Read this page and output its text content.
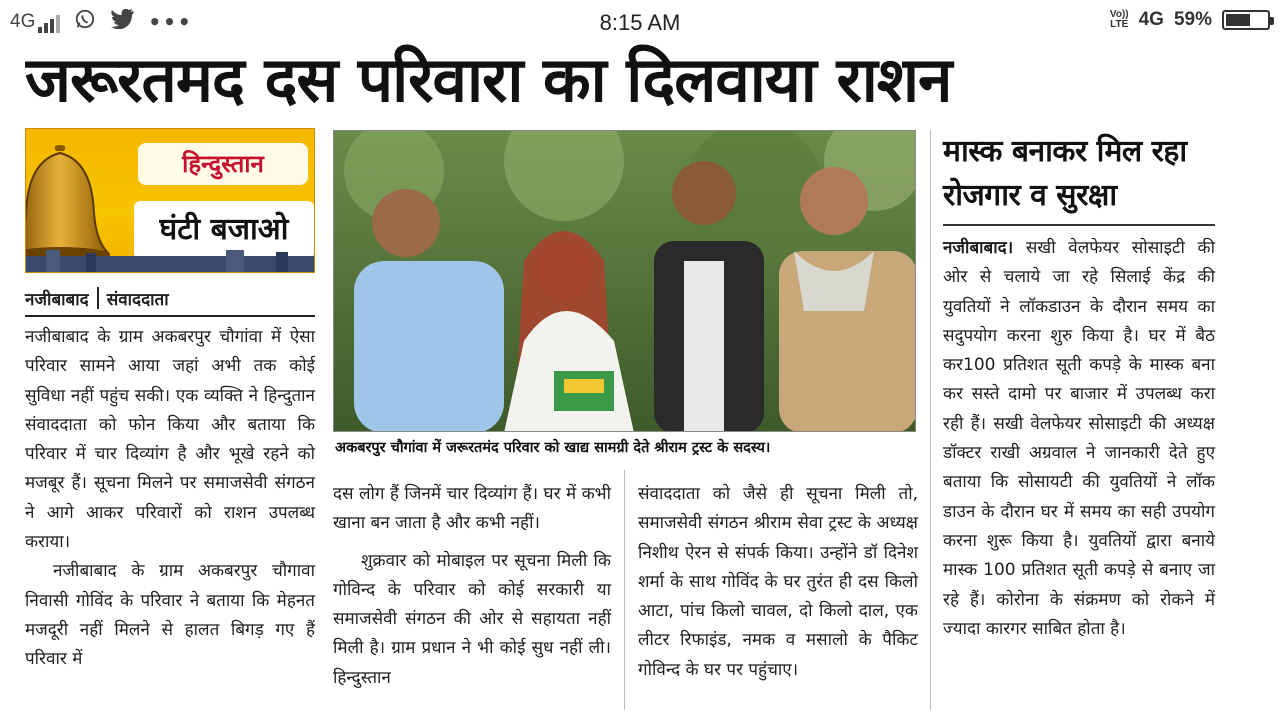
4G	•••	8:15 AM	Vo))
LTE 4G 59%
जरूरतमद दस परिवारा का दिलवाया राशन
हिन्दुस्तान
घंटी बजाओ
नजीबाबाद संवाददाता

नजीबाबाद के ग्राम अकबरपुर चौगांवा में ऐसा परिवार सामने आया जहां अभी तक कोई सुविधा नहीं पहुंच सकी। एक व्यक्ति ने हिन्दुतान संवाददाता को फोन किया और बताया कि परिवार में चार दिव्यांग है और भूखे रहने को मजबूर हैं। सूचना मिलने पर समाजसेवी संगठन ने आगे आकर परिवारों को राशन उपलब्ध कराया।

नजीबाबाद के ग्राम अकबरपुर चौगावा निवासी गोविंद के परिवार ने बताया कि मेहनत मजदूरी नहीं मिलने से हालत बिगड़ गए हैं परिवार में

अकबरपुर चौगांवा में जरूरतमंद परिवार को खाद्य सामग्री देते श्रीराम ट्रस्ट के सदस्य।

दस लोग हैं जिनमें चार दिव्यांग हैं। घर में कभी खाना बन जाता है और कभी नहीं।

शुक्रवार को मोबाइल पर सूचना मिली कि गोविन्द के परिवार को कोई सरकारी या समाजसेवी संगठन की ओर से सहायता नहीं मिली है। ग्राम प्रधान ने भी कोई सुध नहीं ली। हिन्दुस्तान

संवाददाता को जैसे ही सूचना मिली तो, समाजसेवी संगठन श्रीराम सेवा ट्रस्ट के अध्यक्ष निशीथ ऐरन से संपर्क किया। उन्होंने डॉ दिनेश शर्मा के साथ गोविंद के घर तुरंत ही दस किलो आटा, पांच किलो चावल, दो किलो दाल, एक लीटर रिफाइंड, नमक व मसालो के पैकिट गोविन्द के घर पर पहुंचाए।

मास्क बनाकर मिल रहा रोजगार व सुरक्षा

नजीबाबाद। सखी वेलफेयर सोसाइटी की ओर से चलाये जा रहे सिलाई केंद्र की युवतियों ने लॉकडाउन के दौरान समय का सदुपयोग करना शुरु किया है। घर में बैठ कर100 प्रतिशत सूती कपड़े के मास्क बना कर सस्ते दामो पर बाजार में उपलब्ध करा रही हैं। सखी वेलफेयर सोसाइटी की अध्यक्ष डॉक्टर राखी अग्रवाल ने जानकारी देते हुए बताया कि सोसायटी की युवतियों ने लॉक डाउन के दौरान घर में समय का सही उपयोग करना शुरू किया है। युवतियों द्वारा बनाये मास्क 100 प्रतिशत सूती कपड़े से बनाए जा रहे हैं। कोरोना के संक्रमण को रोकने में ज्यादा कारगर साबित होता है।
